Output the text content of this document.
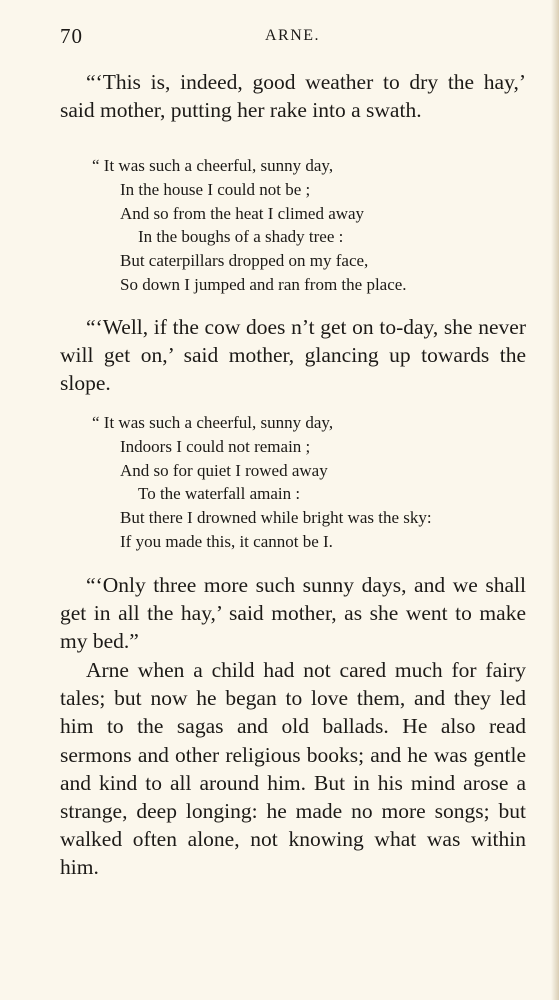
70	ARNE.

“‘This is, indeed, good weather to dry the hay,’ said mother, putting her rake into a swath.

“ It was such a cheerful, sunny day,
In the house I could not be ;
And so from the heat I climed away
In the boughs of a shady tree :
But caterpillars dropped on my face,
So down I jumped and ran from the place.

“‘Well, if the cow does n’t get on to-day, she never will get on,’ said mother, glancing up towards the slope.

“ It was such a cheerful, sunny day,
Indoors I could not remain ;
And so for quiet I rowed away
To the waterfall amain :
But there I drowned while bright was the sky:
If you made this, it cannot be I.

“‘Only three more such sunny days, and we shall get in all the hay,’ said mother, as she went to make my bed.”

Arne when a child had not cared much for fairy tales; but now he began to love them, and they led him to the sagas and old ballads. He also read sermons and other religious books; and he was gentle and kind to all around him. But in his mind arose a strange, deep longing: he made no more songs; but walked often alone, not knowing what was within him.
